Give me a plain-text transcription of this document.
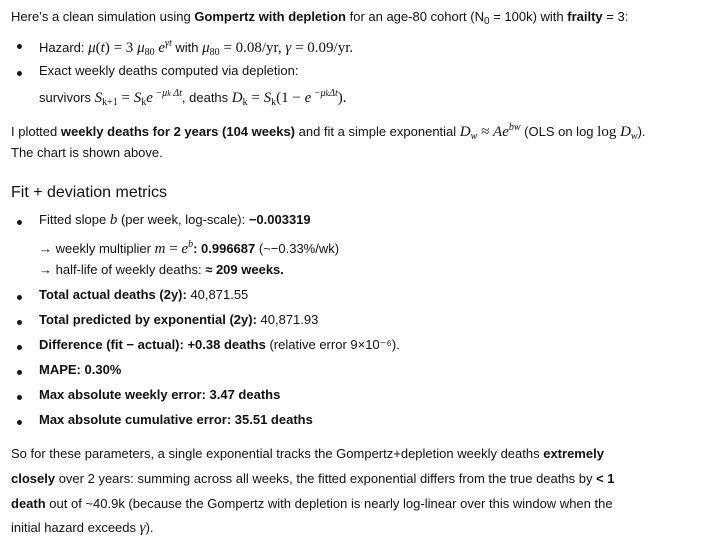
Here’s a clean simulation using Gompertz with depletion for an age-80 cohort $(N_0 = 100k)$ with frailty = 3:
Hazard: μ(t) = 3 $\mu_{80}$ $e^{\gamma t}$ with $\mu_{80} = 0.08/yr$, γ = 0.09/yr.
Exact weekly deaths computed via depletion:
survivors $S_{k+1} = S_ke$ $^{-\mu k \Delta t}$, deaths $D_k = S_k(1 - e$ $^{-\mu k\Delta t}$).
I plotted weekly deaths for 2 years (104 weeks) and fit a simple exponential $D_w \approx Ae^{bw}$ (OLS on $\log \log D_w$).
The chart is shown above.
Fit + deviation metrics
Fitted slope b (per week, log-scale): −0.003319
→ weekly multiplier $m = e^b$: 0.996687 (~−0.33%/wk)
→ half-life of weekly deaths: ≈ 209 weeks.
Total actual deaths (2y): 40,871.55
Total predicted by exponential (2y): 40,871.93
Difference (fit − actual): +0.38 deaths (relative error 9×10⁻⁶).
MAPE: 0.30%
Max absolute weekly error: 3.47 deaths
Max absolute cumulative error: 35.51 deaths
So for these parameters, a single exponential tracks the Gompertz+depletion weekly deaths extremely
closely over 2 years: summing across all weeks, the fitted exponential differs from the true deaths by < 1
death out of ~40.9k (because the Gompertz with depletion is nearly log-linear over this window when the
initial hazard exceeds γ).
